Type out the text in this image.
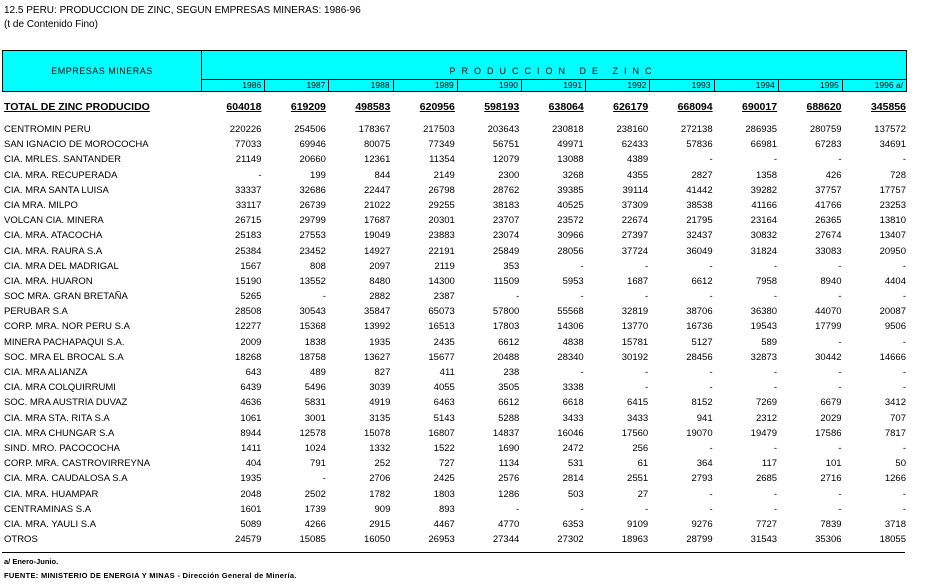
12.5 PERU: PRODUCCION DE ZINC, SEGUN EMPRESAS MINERAS: 1986-96
(t de Contenido Fino)
EMPRESAS MINERAS	PRODUCCION DE ZINC
1986	1987	1988	1989	1990	1991	1992	1993	1994	1995	1996 a/
TOTAL DE ZINC PRODUCIDO	604018	619209	498583	620956	598193	638064	626179	668094	690017	688620	345856
CENTROMIN PERU	220226	254506	178367	217503	203643	230818	238160	272138	286935	280759	137572
SAN IGNACIO DE MOROCOCHA	77033	69946	80075	77349	56751	49971	62433	57836	66981	67283	34691
CIA. MRLES. SANTANDER	21149	20660	12361	11354	12079	13088	4389	-	-	-	-
CIA. MRA. RECUPERADA	-	199	844	2149	2300	3268	4355	2827	1358	426	728
CIA. MRA SANTA LUISA	33337	32686	22447	26798	28762	39385	39114	41442	39282	37757	17757
CIA MRA. MILPO	33117	26739	21022	29255	38183	40525	37309	38538	41166	41766	23253
VOLCAN CIA. MINERA	26715	29799	17687	20301	23707	23572	22674	21795	23164	26365	13810
CIA. MRA. ATACOCHA	25183	27553	19049	23883	23074	30966	27397	32437	30832	27674	13407
CIA. MRA. RAURA S.A	25384	23452	14927	22191	25849	28056	37724	36049	31824	33083	20950
CIA. MRA DEL MADRIGAL	1567	808	2097	2119	353	-	-	-	-	-	-
CIA. MRA. HUARON	15190	13552	8480	14300	11509	5953	1687	6612	7958	8940	4404
SOC MRA. GRAN BRETAÑA	5265	-	2882	2387	-	-	-	-	-	-	-
PERUBAR S.A	28508	30543	35847	65073	57800	55568	32819	38706	36380	44070	20087
CORP. MRA. NOR PERU S.A	12277	15368	13992	16513	17803	14306	13770	16736	19543	17799	9506
MINERA PACHAPAQUI S.A.	2009	1838	1935	2435	6612	4838	15781	5127	589	-	-
SOC. MRA EL BROCAL S.A	18268	18758	13627	15677	20488	28340	30192	28456	32873	30442	14666
CIA. MRA ALIANZA	643	489	827	411	238	-	-	-	-	-	-
CIA. MRA COLQUIRRUMI	6439	5496	3039	4055	3505	3338	-	-	-	-	-
SOC. MRA AUSTRIA DUVAZ	4636	5831	4919	6463	6612	6618	6415	8152	7269	6679	3412
CIA. MRA STA. RITA S.A	1061	3001	3135	5143	5288	3433	3433	941	2312	2029	707
CIA. MRA CHUNGAR S.A	8944	12578	15078	16807	14837	16046	17560	19070	19479	17586	7817
SIND. MRO. PACOCOCHA	1411	1024	1332	1522	1690	2472	256	-	-	-	-
CORP. MRA. CASTROVIRREYNA	404	791	252	727	1134	531	61	364	117	101	50
CIA. MRA. CAUDALOSA S.A	1935	-	2706	2425	2576	2814	2551	2793	2685	2716	1266
CIA. MRA. HUAMPAR	2048	2502	1782	1803	1286	503	27	-	-	-	-
CENTRAMINAS S.A	1601	1739	909	893	-	-	-	-	-	-	-
CIA. MRA. YAULI S.A	5089	4266	2915	4467	4770	6353	9109	9276	7727	7839	3718
OTROS	24579	15085	16050	26953	27344	27302	18963	28799	31543	35306	18055
a/ Enero-Junio.
FUENTE: MINISTERIO DE ENERGIA Y MINAS - Dirección General de Minería.
